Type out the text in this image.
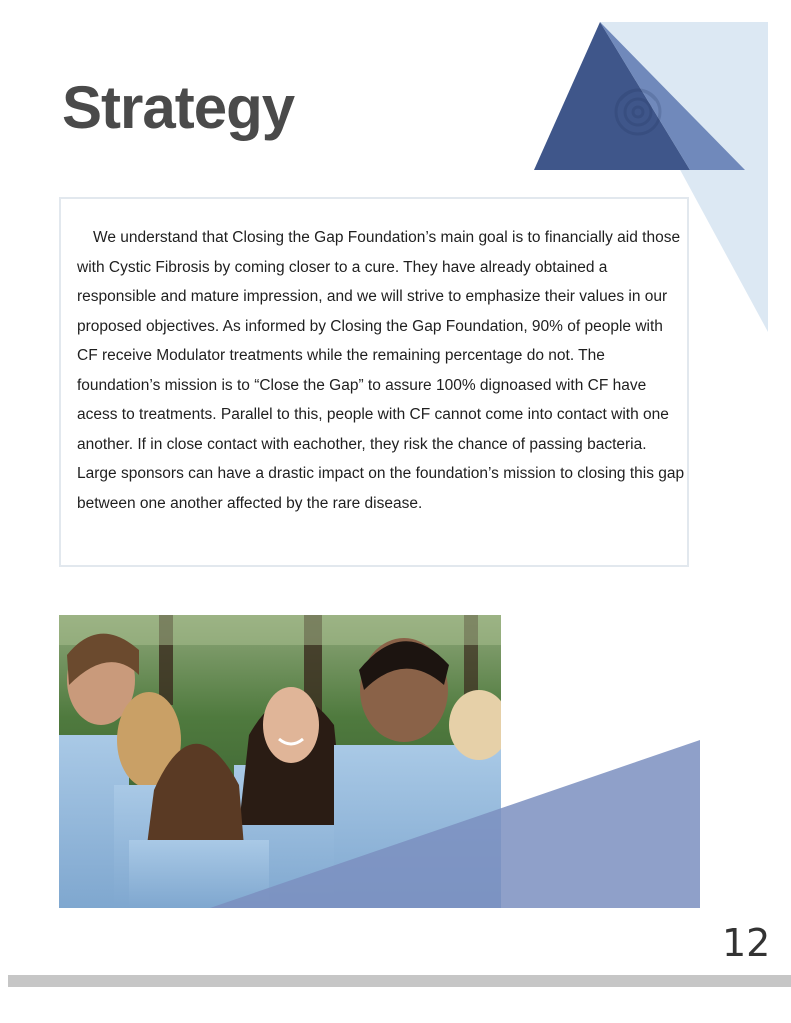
Strategy

We understand that Closing the Gap Foundation’s main goal is to financially aid those with Cystic Fibrosis by coming closer to a cure. They have already obtained a responsible and mature impression, and we will strive to emphasize their values in our proposed objectives. As informed by Closing the Gap Foundation, 90% of people with CF receive Modulator treatments while the remaining percentage do not. The foundation’s mission is to “Close the Gap” to assure 100% dignoased with CF have acess to treatments. Parallel to this, people with CF cannot come into contact with one another. If in close contact with eachother, they risk the chance of passing bacteria. Large sponsors can have a drastic impact on the foundation’s mission to closing this gap between one another affected by the rare disease.

12
